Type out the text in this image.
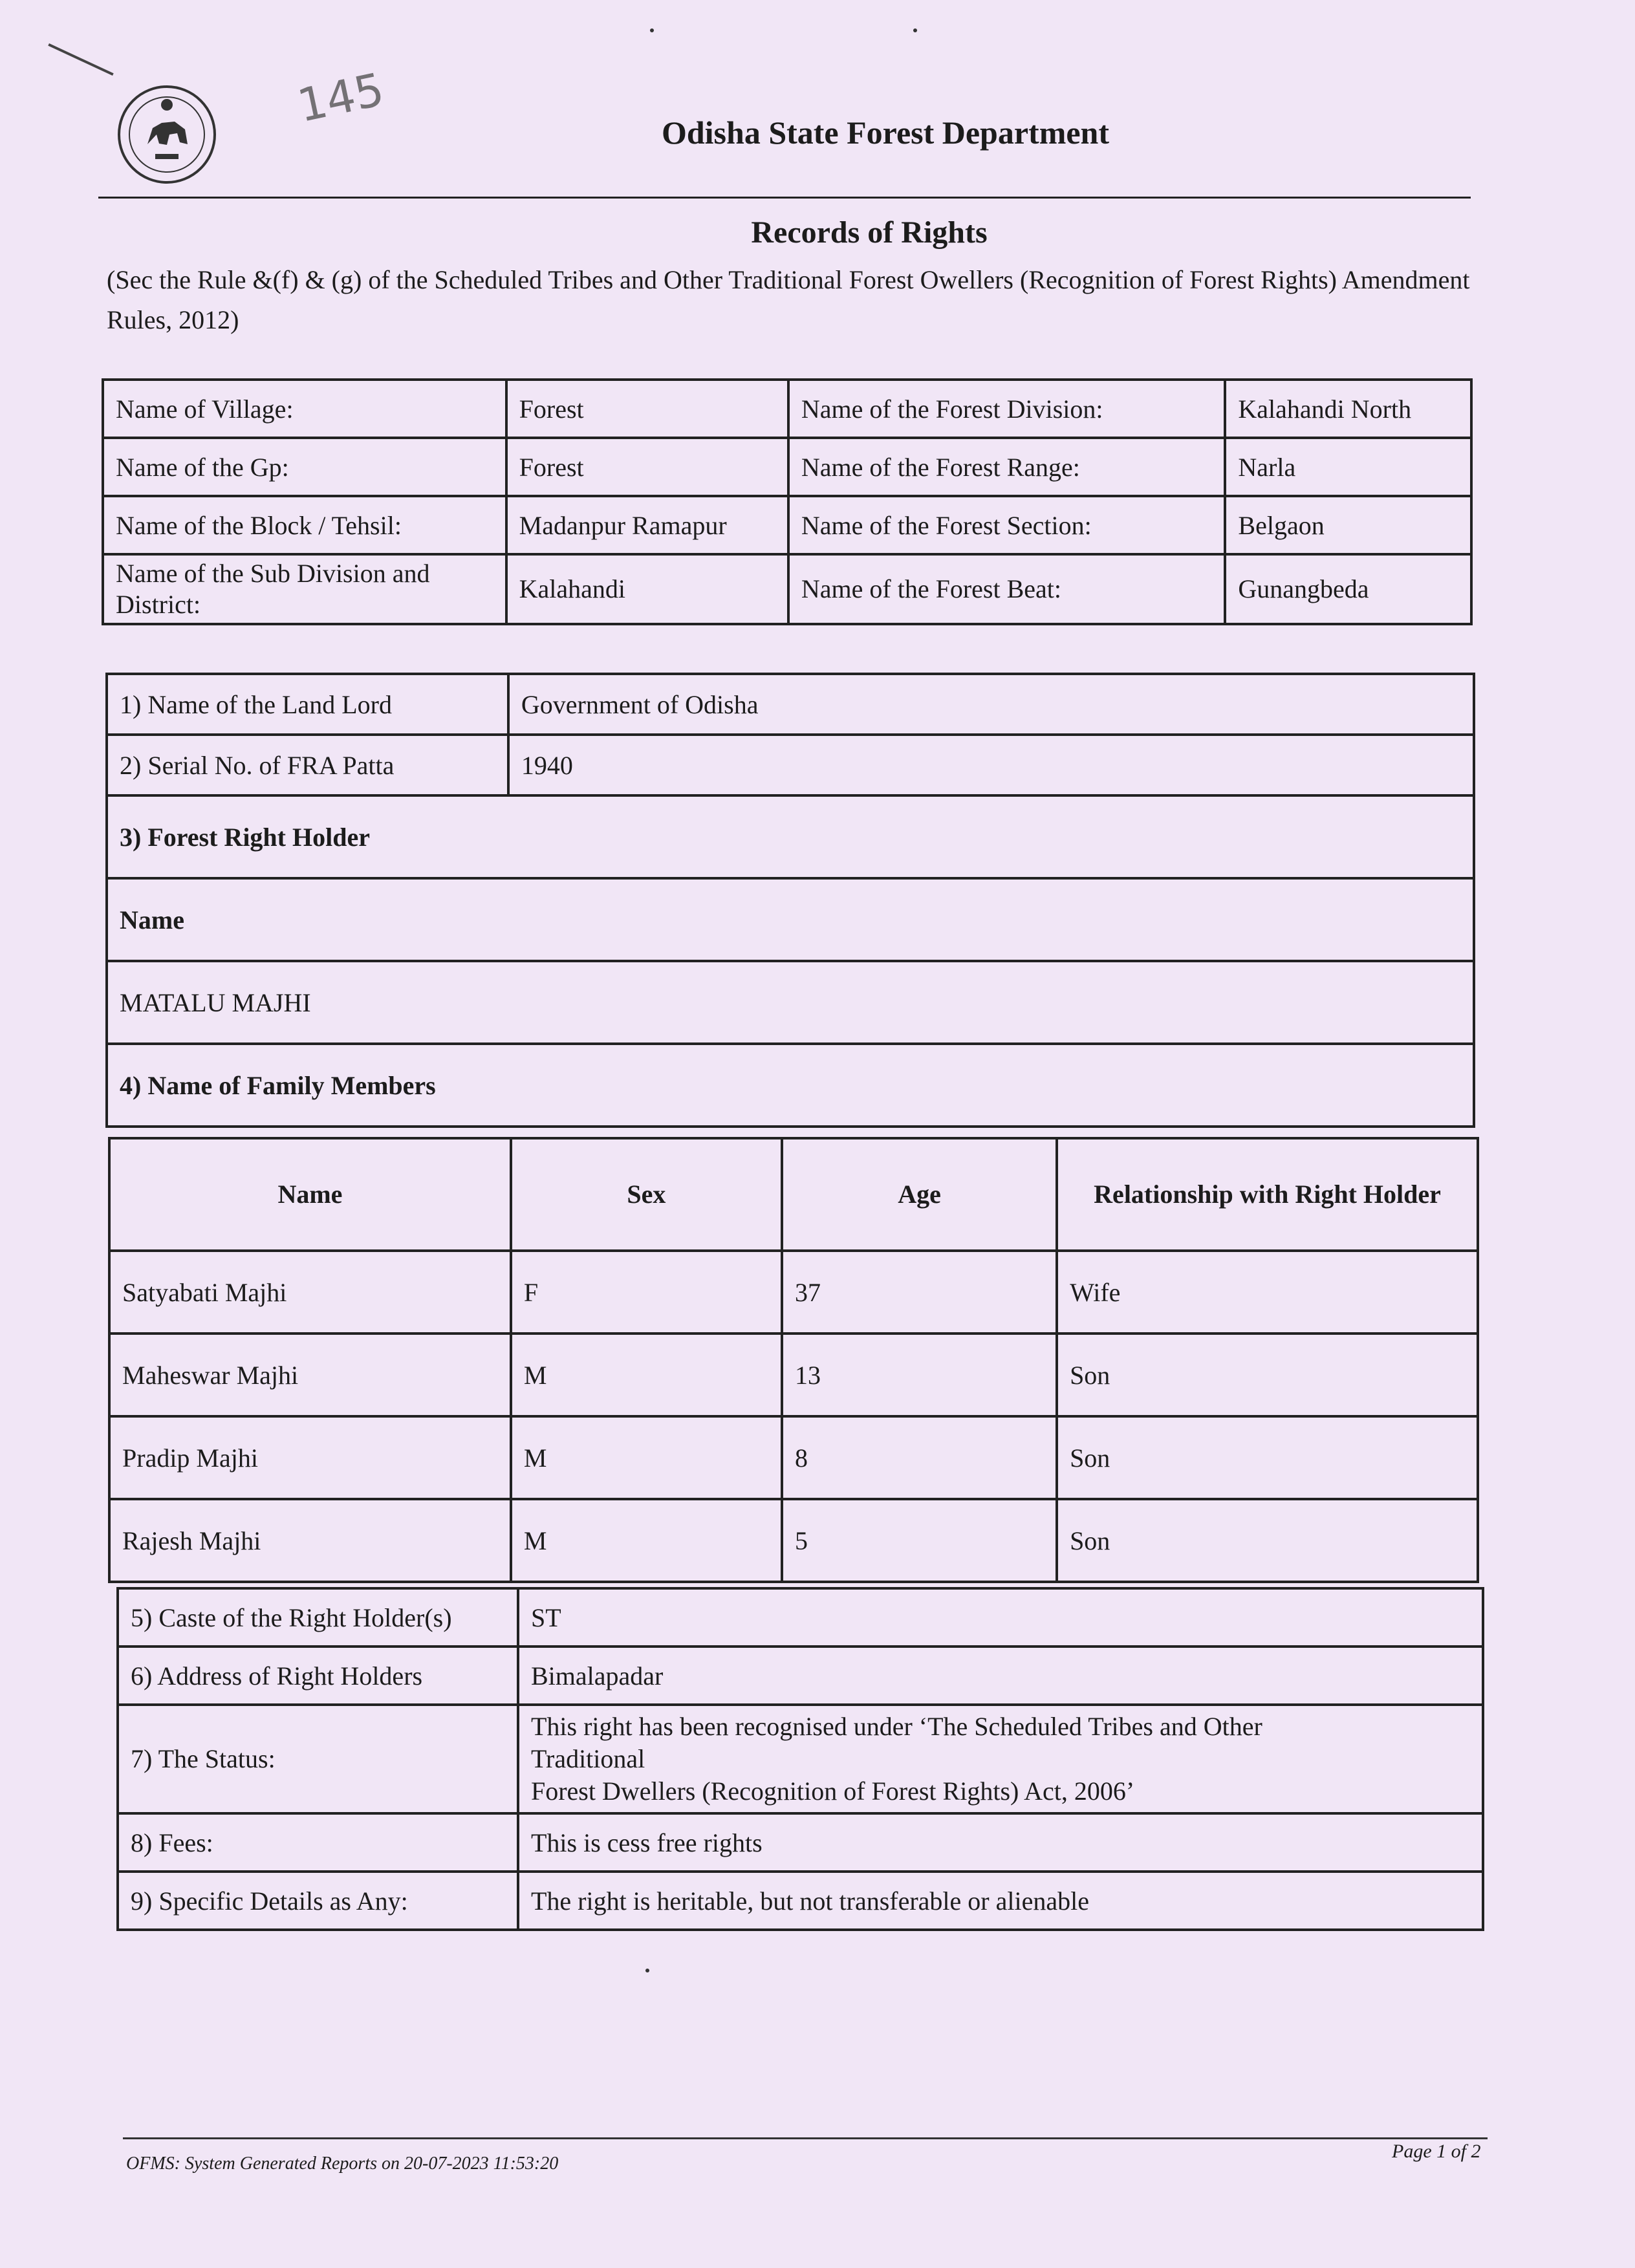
145
Odisha State Forest Department
Records of Rights
(Sec the Rule &(f) & (g) of the Scheduled Tribes and Other Traditional Forest Owellers (Recognition of Forest Rights) Amendment Rules, 2012)
Name of Village:	Forest	Name of the Forest Division:	Kalahandi North
Name of the Gp:	Forest	Name of the Forest Range:	Narla
Name of the Block / Tehsil:	Madanpur Ramapur	Name of the Forest Section:	Belgaon
Name of the Sub Division and District:	Kalahandi	Name of the Forest Beat:	Gunangbeda
1) Name of the Land Lord	Government of Odisha
2) Serial No. of FRA Patta	1940
3) Forest Right Holder	
Name	
MATALU MAJHI	
4) Name of Family Members	
Name	Sex	Age	Relationship with Right Holder
Satyabati Majhi	F	37	Wife
Maheswar Majhi	M	13	Son
Pradip Majhi	M	8	Son
Rajesh Majhi	M	5	Son
5) Caste of the Right Holder(s)	ST
6) Address of Right Holders	Bimalapadar
7) The Status:	This right has been recognised under ‘The Scheduled Tribes and Other
Traditional
Forest Dwellers (Recognition of Forest Rights) Act, 2006’

8) Fees:	This is cess free rights
9) Specific Details as Any:	The right is heritable, but not transferable or alienable
OFMS: System Generated Reports on 20-07-2023 11:53:20
Page 1 of 2
